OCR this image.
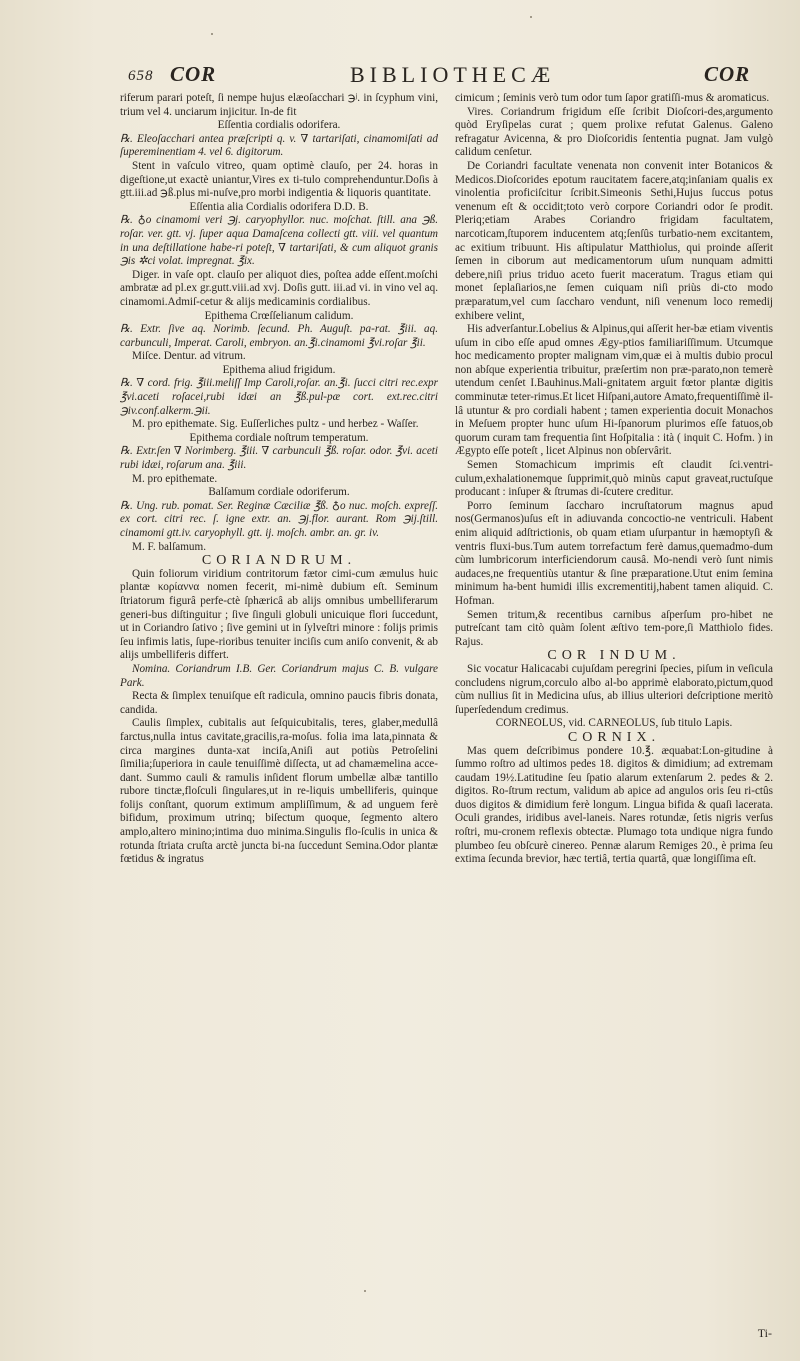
658 COR	BIBLIOTHECÆ	COR

riferum parari poteſt, ſi nempe hujus elæoſacchari ℈ʲ. in ſcyphum vini, trium vel 4. unciarum injicitur. In-de fit

Eſſentia cordialis odorifera.

℞. Eleoſacchari antea præſcripti q. v. ∇ tartariſati, cinamomiſati ad ſupereminentiam 4. vel 6. digitorum.

Stent in vaſculo vitreo, quam optimè clauſo, per 24. horas in digeſtione,ut exactè uniantur,Vires ex ti-tulo comprehenduntur.Doſis à gtt.iii.ad ℈ß.plus mi-nuſve,pro morbi indigentia & liquoris quantitate.

Eſſentia alia Cordialis odorifera D.D. B.

℞. ♁o cinamomi veri ℈j. caryophyllor. nuc. moſchat. ſtill. ana ℈ß. roſar. ver. gtt. vj. ſuper aqua Damaſcena collecti gtt. viii. vel quantum in una deſtillatione habe-ri poteſt, ∇ tartariſati, & cum aliquot granis ℈is ✲ci volat. impregnat. ℥ix.

Diger. in vaſe opt. clauſo per aliquot dies, poſtea adde eſſent.moſchi ambratæ ad pl.ex gr.gutt.viii.ad xvj. Doſis gutt. iii.ad vi. in vino vel aq. cinamomi.Admiſ-cetur & alijs medicaminis cordialibus.

Epithema Crœſſelianum calidum.

℞. Extr. ſive aq. Norimb. ſecund. Ph. Auguſt. pa-rat. ℥iii. aq. carbunculi, Imperat. Caroli, embryon. an.℥i.cinamomi ℥vi.roſar ℥ii.

Miſce. Dentur. ad vitrum.

Epithema aliud frigidum.

℞. ∇ cord. frig. ℥iii.meliſſ Imp Caroli,roſar. an.℥i. ſucci citri rec.expr ℥vi.aceti roſacei,rubi idæi an ℥ß.pul-pæ cort. ext.rec.citri ℈iv.conf.alkerm.℈ii.

M. pro epithemate. Sig. Euſſerliches pultz - und herbez - Waſſer.

Epithema cordiale noſtrum temperatum.

℞. Extr.ſen ∇ Norimberg. ℥iii. ∇ carbunculi ℥ß. roſar. odor. ℥vi. aceti rubi idæi, roſarum ana. ℥iii.

M. pro epithemate.

Balſamum cordiale odoriferum.

℞. Ung. rub. pomat. Ser. Reginæ Cæciliæ ℥ß. ♁o nuc. moſch. expreſſ. ex cort. citri rec. ſ. igne extr. an. ℈j.flor. aurant. Rom ℈ij.ſtill. cinamomi gtt.iv. caryophyll. gtt. ij. moſch. ambr. an. gr. iv.

M. F. balſamum.

CORIANDRUM.

Quin foliorum viridium contritorum fætor cimi-cum æmulus huic plantæ κορίαννα nomen fecerit, mi-nimè dubium eſt. Seminum ſtriatorum figurâ perfe-ctè ſphæricâ ab alijs omnibus umbelliferarum generi-bus diſtinguitur ; ſive ſinguli globuli unicuique flori ſuccedunt, ut in Coriandro ſativo ; ſive gemini ut in ſylveſtri minore : folijs primis ſeu infimis latis, ſupe-rioribus tenuiter inciſis cum aniſo convenit, & ab alijs umbelliferis differt.

Nomina. Coriandrum I.B. Ger. Coriandrum majus C. B. vulgare Park.

Recta & ſimplex tenuiſque eſt radicula, omnino paucis fibris donata, candida.

Caulis ſimplex, cubitalis aut ſeſquicubitalis, teres, glaber,medullâ farctus,nulla intus cavitate,gracilis,ra-moſus. folia ima lata,pinnata & circa margines dunta-xat inciſa,Aniſi aut potiùs Petroſelini ſimilia;ſuperiora in caule tenuiſſimè diſſecta, ut ad chamæmelina acce-dant. Summo cauli & ramulis inſident florum umbellæ albæ tantillo rubore tinctæ,floſculi ſingulares,ut in re-liquis umbelliferis, quinque folijs conſtant, quorum extimum ampliſſimum, & ad unguem ferè bifidum, proximum utrinq; biſectum quoque, ſegmento altero amplo,altero minino;intima duo minima.Singulis flo-ſculis in unica & rotunda ſtriata cruſta arctè juncta bi-na ſuccedunt Semina.Odor plantæ fœtidus & ingratus

cimicum ; ſeminis verò tum odor tum ſapor gratiſſi-mus & aromaticus.

Vires. Coriandrum frigidum eſſe ſcribit Dioſcori-des,argumento quòd Eryſipelas curat ; quem prolixe refutat Galenus. Galeno refragatur Avicenna, & pro Dioſcoridis ſententia pugnat. Jam vulgò calidum cenſetur.

De Coriandri facultate venenata non convenit inter Botanicos & Medicos.Dioſcorides epotum raucitatem facere,atq;inſaniam qualis ex vinolentia proficiſcitur ſcribit.Simeonis Sethi,Hujus ſuccus potus venenum eſt & occidit;toto verò corpore Coriandri odor ſe prodit. Pleriq;etiam Arabes Coriandro frigidam facultatem, narcoticam,ſtuporem inducentem atq;ſenſûs turbatio-nem excitantem, ac exitium tribuunt. His aſtipulatur Matthiolus, qui proinde aſſerit ſemen in ciborum aut medicamentorum uſum nunquam admitti debere,niſi prius triduo aceto fuerit maceratum. Tragus etiam qui monet ſeplaſiarios,ne ſemen cuiquam niſi priùs di-cto modo præparatum,vel cum ſaccharo vendunt, niſi venenum loco remedij exhibere velint,

His adverſantur.Lobelius & Alpinus,qui aſſerit her-bæ etiam viventis uſum in cibo eſſe apud omnes Ægy-ptios familiariſſimum. Utcumque hoc medicamento propter malignam vim,quæ ei à multis dubio procul non abſque experientia tribuitur, præſertim non præ-parato,non temerè utendum cenſet I.Bauhinus.Mali-gnitatem arguit fœtor plantæ digitis comminutæ teter-rimus.Et licet Hiſpani,autore Amato,frequentiſſimè il-lâ utuntur & pro cordiali habent ; tamen experientia docuit Monachos in Meſuem propter hunc uſum Hi-ſpanorum plurimos eſſe fatuos,ob quorum curam tam frequentia ſint Hoſpitalia : ità ( inquit C. Hofm. ) in Ægypto eſſe poteſt , licet Alpinus non obſervârit.

Semen Stomachicum imprimis eſt claudit ſci.ventri-culum,exhalationemque ſupprimit,quò minùs caput graveat,ructuſque producant : inſuper & ſtrumas di-ſcutere creditur.

Porro ſeminum ſaccharo incruſtatorum magnus apud nos(Germanos)uſus eſt in adiuvanda concoctio-ne ventriculi. Habent enim aliquid adſtrictionis, ob quam etiam uſurpantur in hæmoptyſi & ventris fluxi-bus.Tum autem torrefactum ferè damus,quemadmo-dum cùm lumbricorum interficiendorum causâ. Mo-nendi verò ſunt nimis audaces,ne frequentiùs utantur & ſine præparatione.Utut enim ſemina minimum ha-bent humidi illis excrementitij,habent tamen aliquid. C. Hofman.

Semen tritum,& recentibus carnibus aſperſum pro-hibet ne putreſcant tam citò quàm ſolent æſtivo tem-pore,ſi Matthiolo fides. Rajus.

COR INDUM.

Sic vocatur Halicacabi cujuſdam peregrini ſpecies, piſum in veſicula concludens nigrum,corculo albo al-bo apprimè elaborato,pictum,quod cùm nullius ſit in Medicina uſus, ab illius ulteriori deſcriptione meritò ſuperſedendum credimus.

CORNEOLUS, vid. CARNEOLUS, ſub titulo Lapis.

CORNIX.

Mas quem deſcribimus pondere 10.℥. æquabat:Lon-gitudine à ſummo roſtro ad ultimos pedes 18. digitos & dimidium; ad extremam caudam 19½.Latitudine ſeu ſpatio alarum extenſarum 2. pedes & 2. digitos. Ro-ſtrum rectum, validum ab apice ad angulos oris ſeu ri-ctûs duos digitos & dimidium ferè longum. Lingua bifida & quaſi lacerata. Oculi grandes, iridibus avel-laneis. Nares rotundæ, ſetis nigris verſus roſtri, mu-cronem reflexis obtectæ. Plumago tota undique nigra fundo plumbeo ſeu obſcurè cinereo. Pennæ alarum Remiges 20., è prima ſeu extima ſecunda brevior, hæc tertiâ, tertia quartâ, quæ longiſſima eſt.

Ti-
